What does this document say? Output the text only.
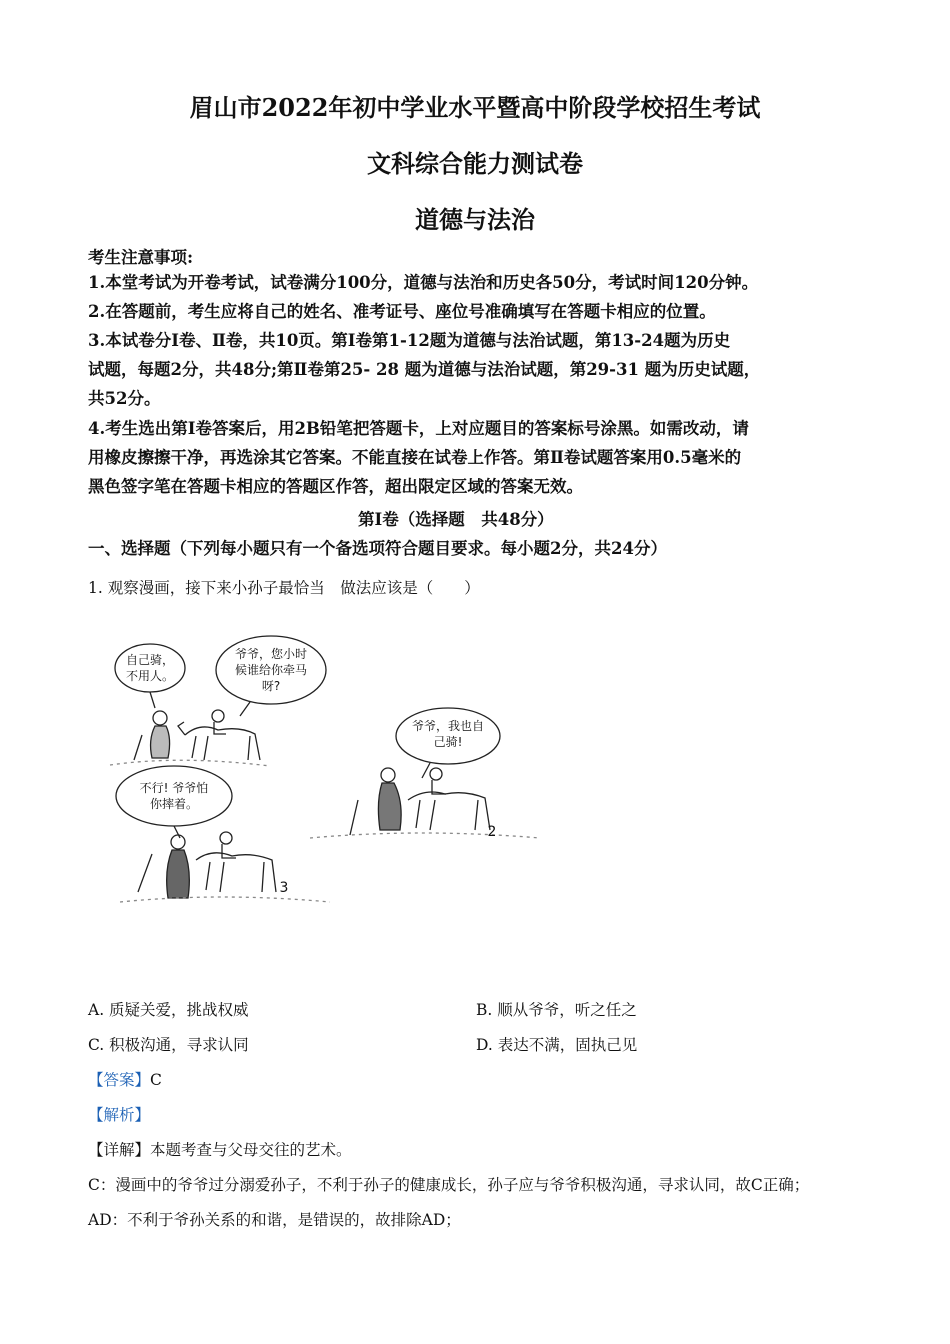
眉山市2022年初中学业水平暨高中阶段学校招生考试
文科综合能力测试卷
道德与法治
考生注意事项:
1.本堂考试为开卷考试，试卷满分100分，道德与法治和历史各50分，考试时间120分钟。
2.在答题前，考生应将自己的姓名、准考证号、座位号准确填写在答题卡相应的位置。
3.本试卷分Ⅰ卷、Ⅱ卷，共10页。第Ⅰ卷第1-12题为道德与法治试题，第13-24题为历史
试题，每题2分，共48分;第Ⅱ卷第25- 28 题为道德与法治试题，第29-31 题为历史试题，
共52分。
4.考生选出第Ⅰ卷答案后，用2B铅笔把答题卡，上对应题目的答案标号涂黑。如需改动，请
用橡皮擦擦干净，再选涂其它答案。不能直接在试卷上作答。第Ⅱ卷试题答案用0.5毫米的
黑色签字笔在答题卡相应的答题区作答，超出限定区域的答案无效。
第Ⅰ卷（选择题　共48分）
一、选择题（下列每小题只有一个备选项符合题目要求。每小题2分，共24分）
1. 观察漫画，接下来小孙子最恰当　做法应该是（　　）
自己骑，
不用人。
爷爷，您小时
候谁给你牵马
呀?
爷爷，我也自
己骑!
不行! 爷爷怕
你摔着。
2
3
A. 质疑关爱，挑战权威	B. 顺从爷爷，听之任之
C. 积极沟通，寻求认同	D. 表达不满，固执己见
【答案】C
【解析】
【详解】本题考查与父母交往的艺术。
C：漫画中的爷爷过分溺爱孙子，不利于孙子的健康成长，孙子应与爷爷积极沟通，寻求认同，故C正确；
AD：不利于爷孙关系的和谐，是错误的，故排除AD；
